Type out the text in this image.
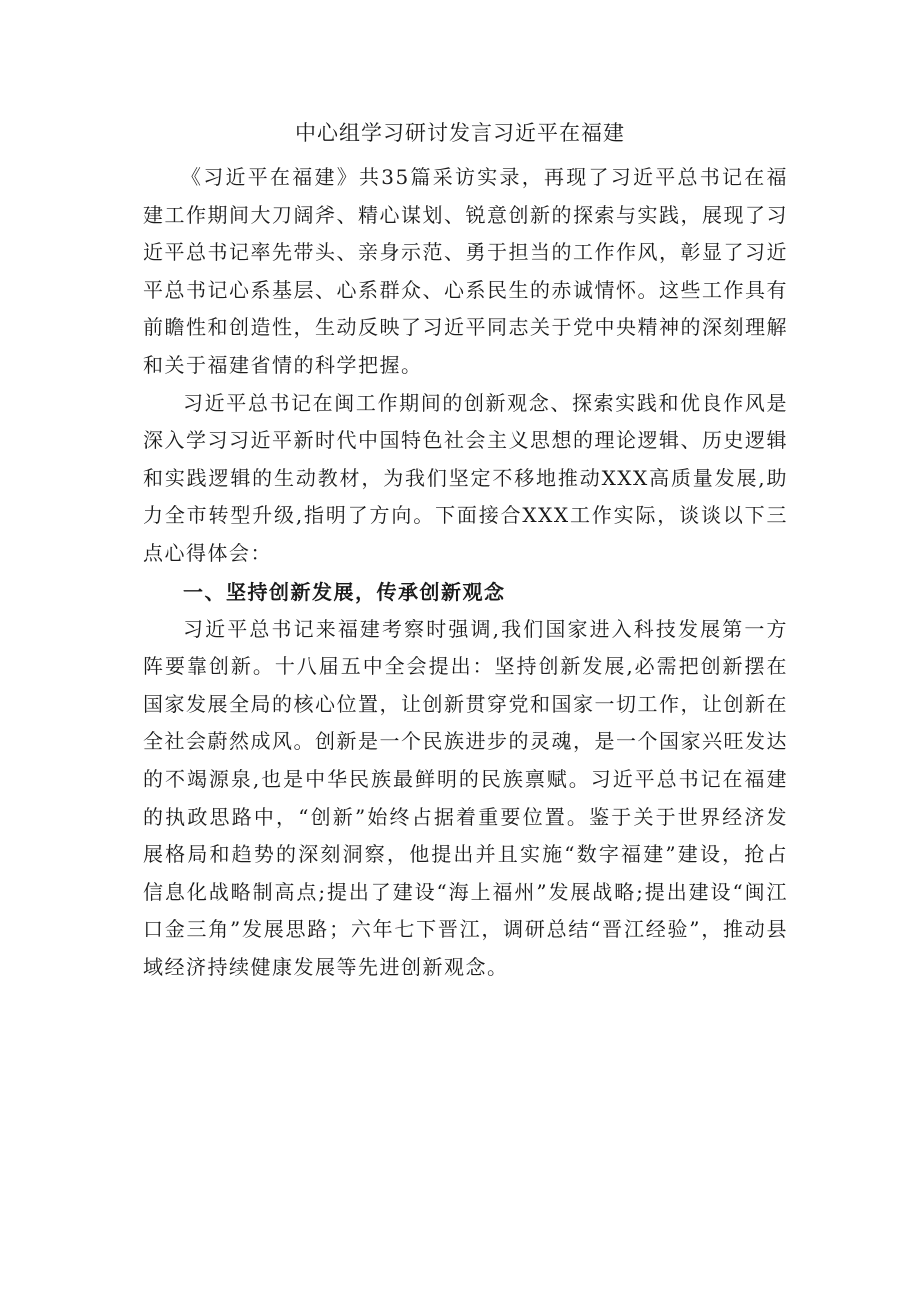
中心组学习研讨发言习近平在福建

《习近平在福建》共35篇采访实录，再现了习近平总书记在福建工作期间大刀阔斧、精心谋划、锐意创新的探索与实践，展现了习近平总书记率先带头、亲身示范、勇于担当的工作作风，彰显了习近平总书记心系基层、心系群众、心系民生的赤诚情怀。这些工作具有前瞻性和创造性，生动反映了习近平同志关于党中央精神的深刻理解和关于福建省情的科学把握。

习近平总书记在闽工作期间的创新观念、探索实践和优良作风是深入学习习近平新时代中国特色社会主义思想的理论逻辑、历史逻辑和实践逻辑的生动教材，为我们坚定不移地推动XXX高质量发展,助力全市转型升级,指明了方向。下面接合XXX工作实际，谈谈以下三点心得体会：

一、坚持创新发展，传承创新观念

习近平总书记来福建考察时强调,我们国家进入科技发展第一方阵要靠创新。十八届五中全会提出：坚持创新发展,必需把创新摆在国家发展全局的核心位置，让创新贯穿党和国家一切工作，让创新在全社会蔚然成风。创新是一个民族进步的灵魂，是一个国家兴旺发达的不竭源泉,也是中华民族最鲜明的民族禀赋。习近平总书记在福建的执政思路中，“创新”始终占据着重要位置。鉴于关于世界经济发展格局和趋势的深刻洞察，他提出并且实施“数字福建”建设，抢占信息化战略制高点;提出了建设“海上福州”发展战略;提出建设“闽江口金三角”发展思路；六年七下晋江，调研总结“晋江经验”，推动县域经济持续健康发展等先进创新观念。
